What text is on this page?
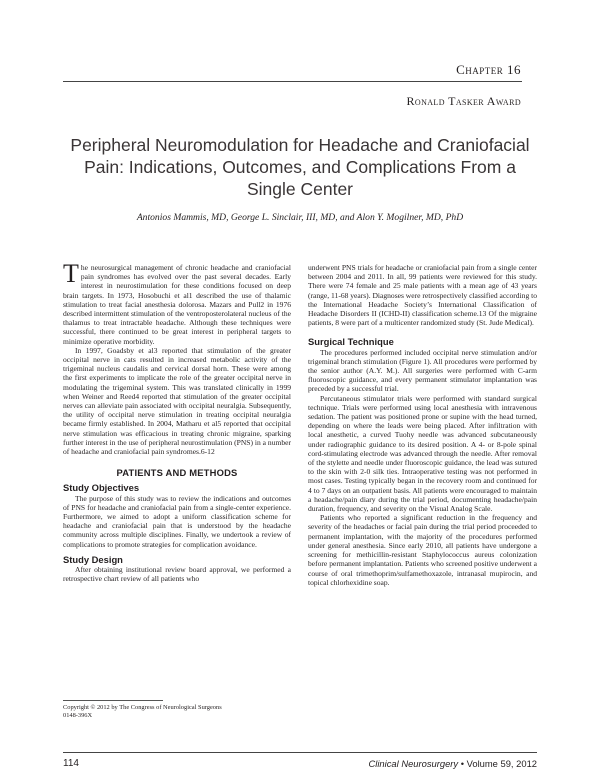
Chapter 16
Ronald Tasker Award
Peripheral Neuromodulation for Headache and Craniofacial Pain: Indications, Outcomes, and Complications From a Single Center
Antonios Mammis, MD, George L. Sinclair, III, MD, and Alon Y. Mogilner, MD, PhD

The neurosurgical management of chronic headache and craniofacial pain syndromes has evolved over the past several decades. Early interest in neurostimulation for these conditions focused on deep brain targets. In 1973, Hosobuchi et al1 described the use of thalamic stimulation to treat facial anesthesia dolorosa. Mazars and Pull2 in 1976 described intermittent stimulation of the ventroposterolateral nucleus of the thalamus to treat intractable headache. Although these techniques were successful, there continued to be great interest in peripheral targets to minimize operative morbidity.

In 1997, Goadsby et al3 reported that stimulation of the greater occipital nerve in cats resulted in increased metabolic activity of the trigeminal nucleus caudalis and cervical dorsal horn. These were among the first experiments to implicate the role of the greater occipital nerve in modulating the trigeminal system. This was translated clinically in 1999 when Weiner and Reed4 reported that stimulation of the greater occipital nerves can alleviate pain associated with occipital neuralgia. Subsequently, the utility of occipital nerve stimulation in treating occipital neuralgia became firmly established. In 2004, Matharu et al5 reported that occipital nerve stimulation was efficacious in treating chronic migraine, sparking further interest in the use of peripheral neurostimulation (PNS) in a number of headache and craniofacial pain syndromes.6-12

PATIENTS AND METHODS
Study Objectives

The purpose of this study was to review the indications and outcomes of PNS for headache and craniofacial pain from a single-center experience. Furthermore, we aimed to adopt a uniform classification scheme for headache and craniofacial pain that is understood by the headache community across multiple disciplines. Finally, we undertook a review of complications to promote strategies for complication avoidance.

Study Design

After obtaining institutional review board approval, we performed a retrospective chart review of all patients who

underwent PNS trials for headache or craniofacial pain from a single center between 2004 and 2011. In all, 99 patients were reviewed for this study. There were 74 female and 25 male patients with a mean age of 43 years (range, 11-68 years). Diagnoses were retrospectively classified according to the International Headache Society’s International Classification of Headache Disorders II (ICHD-II) classification scheme.13 Of the migraine patients, 8 were part of a multicenter randomized study (St. Jude Medical).

Surgical Technique

The procedures performed included occipital nerve stimulation and/or trigeminal branch stimulation (Figure 1). All procedures were performed by the senior author (A.Y. M.). All surgeries were performed with C-arm fluoroscopic guidance, and every permanent stimulator implantation was preceded by a successful trial.

Percutaneous stimulator trials were performed with standard surgical technique. Trials were performed using local anesthesia with intravenous sedation. The patient was positioned prone or supine with the head turned, depending on where the leads were being placed. After infiltration with local anesthetic, a curved Tuohy needle was advanced subcutaneously under radiographic guidance to its desired position. A 4- or 8-pole spinal cord-stimulating electrode was advanced through the needle. After removal of the stylette and needle under fluoroscopic guidance, the lead was sutured to the skin with 2-0 silk ties. Intraoperative testing was not performed in most cases. Testing typically began in the recovery room and continued for 4 to 7 days on an outpatient basis. All patients were encouraged to maintain a headache/pain diary during the trial period, documenting headache/pain duration, frequency, and severity on the Visual Analog Scale.

Patients who reported a significant reduction in the frequency and severity of the headaches or facial pain during the trial period proceeded to permanent implantation, with the majority of the procedures performed under general anesthesia. Since early 2010, all patients have undergone a screening for methicillin-resistant Staphylococcus aureus colonization before permanent implantation. Patients who screened positive underwent a course of oral trimethoprim/sulfamethoxazole, intranasal mupirocin, and topical chlorhexidine soap.

Copyright © 2012 by The Congress of Neurological Surgeons
0148-396X
114	Clinical Neurosurgery • Volume 59, 2012
